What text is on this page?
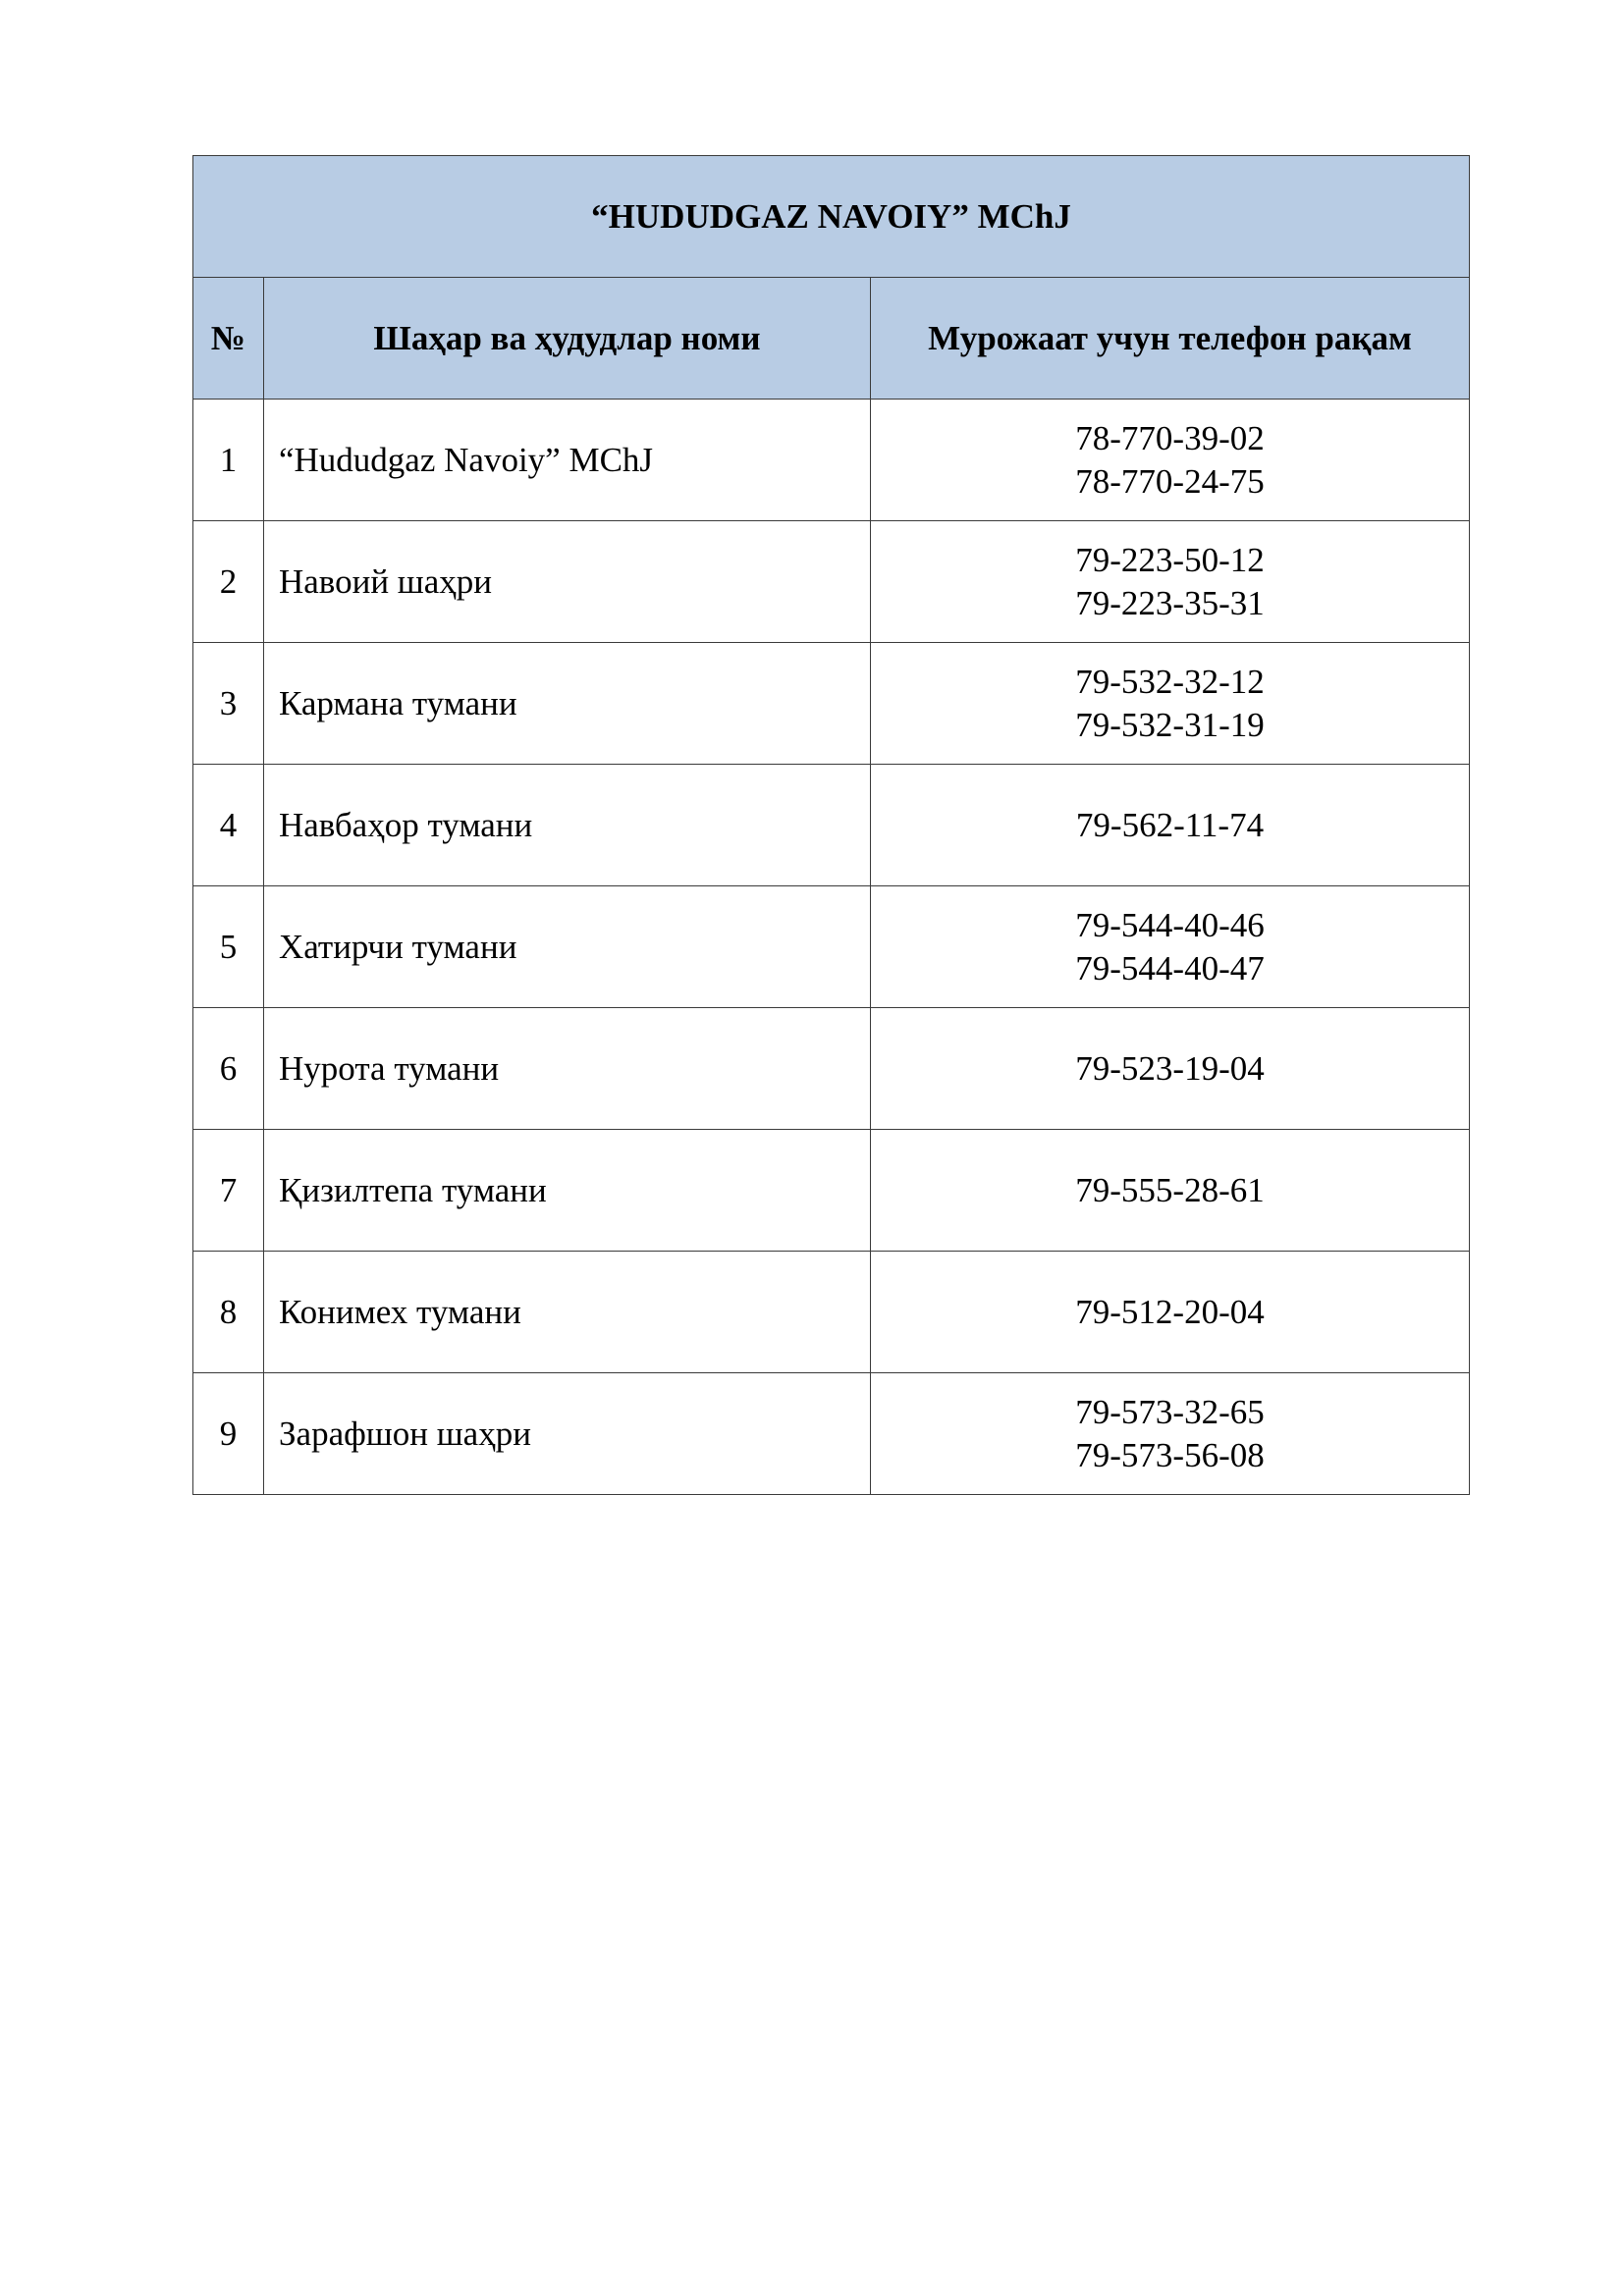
“HUDUDGAZ NAVOIY” MChJ		
№	Шаҳар ва ҳудудлар номи	Мурожаат учун телефон рақам
1	“Hududgaz Navoiy” MChJ	78-770-39-02
78-770-24-75

2	Навоий шаҳри	79-223-50-12
79-223-35-31

3	Кармана тумани	79-532-32-12
79-532-31-19

4	Навбаҳор тумани	79-562-11-74

5	Хатирчи тумани	79-544-40-46
79-544-40-47

6	Нурота тумани	79-523-19-04

7	Қизилтепа тумани	79-555-28-61

8	Конимех тумани	79-512-20-04

9	Зарафшон шаҳри	79-573-32-65
79-573-56-08
